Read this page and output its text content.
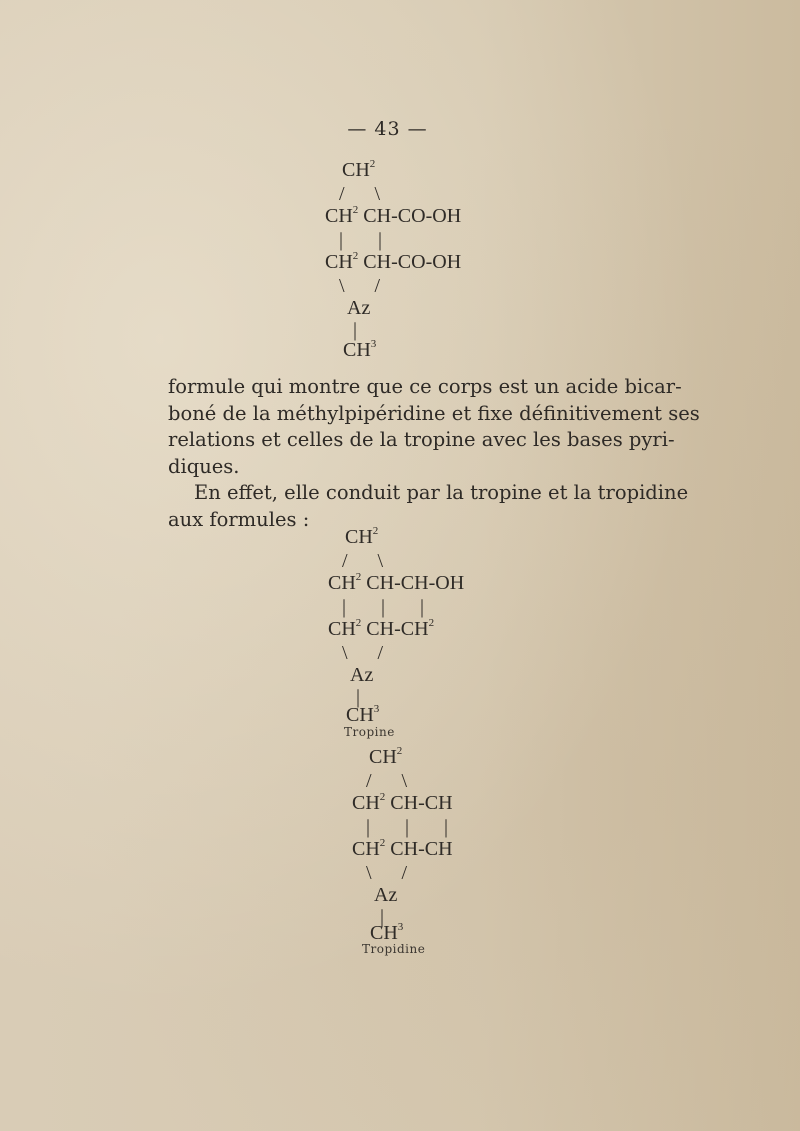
— 43 —

$CH^2$

/      \

$CH^2$ CH-CO-OH

|       |

$CH^2$ CH-CO-OH

\      /

Az

|

$CH^3$

formule qui montre que ce corps est un acide bicar-
boné de la méthylpipéridine et fixe définitivement ses
relations et celles de la tropine avec les bases pyri-
diques.
En effet, elle conduit par la tropine et la tropidine
aux formules :

$CH^2$

/      \

$CH^2$ CH-CH-OH

|       |       |

$CH^2$ $CH-CH^2$

\      /

Az

|

$CH^3$

Tropine

$CH^2$

/      \

$CH^2$ CH-CH

|       |       |

$CH^2$ CH-CH

\      /

Az

|

$CH^3$

Tropidine
